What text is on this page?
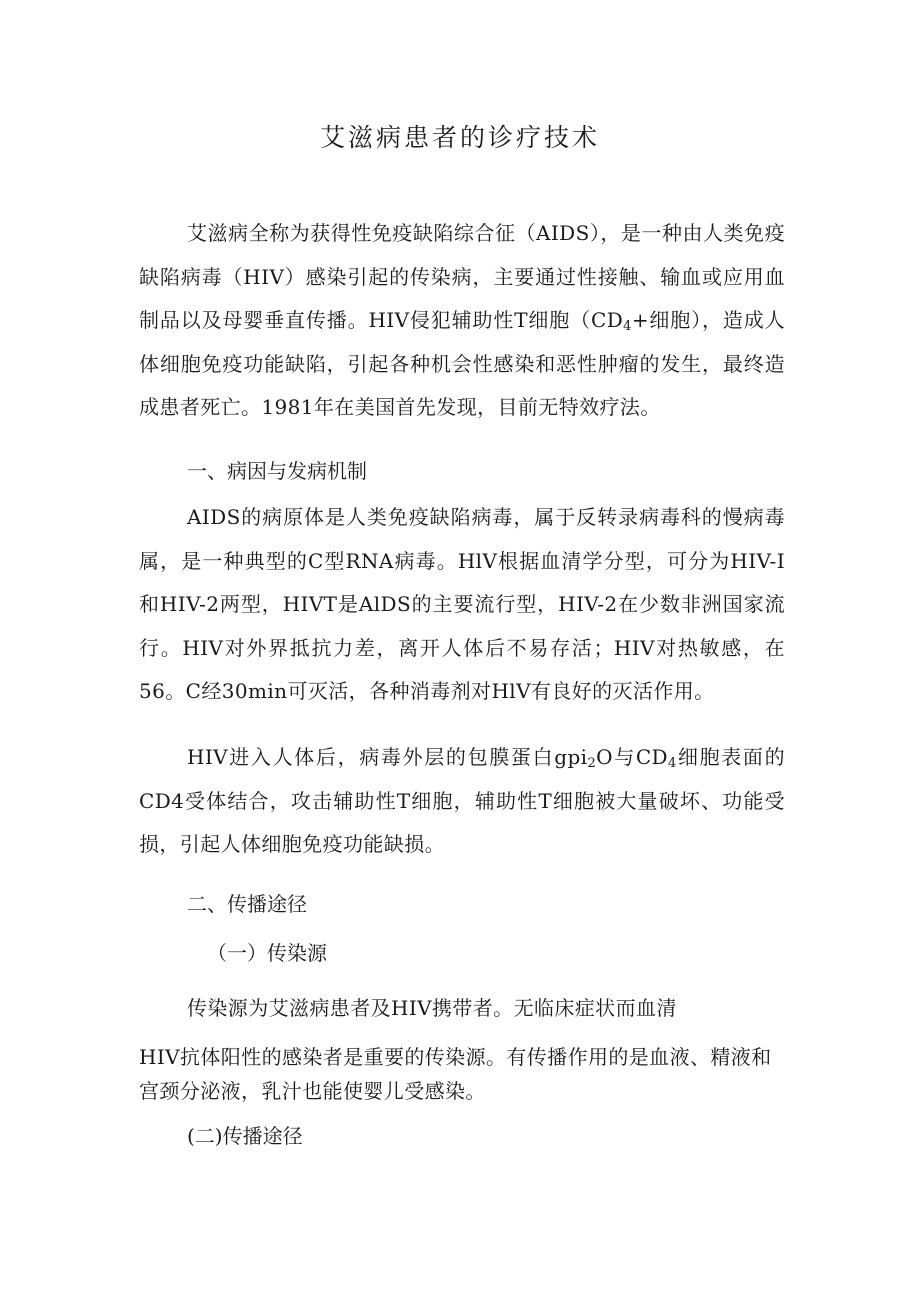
艾滋病患者的诊疗技术

艾滋病全称为获得性免疫缺陷综合征（AIDS），是一种由人类免疫缺陷病毒（HIV）感染引起的传染病，主要通过性接触、输血或应用血制品以及母婴垂直传播。HIV侵犯辅助性T细胞（$CD_4+$细胞），造成人体细胞免疫功能缺陷，引起各种机会性感染和恶性肿瘤的发生，最终造成患者死亡。1981年在美国首先发现，目前无特效疗法。

一、病因与发病机制

AIDS的病原体是人类免疫缺陷病毒，属于反转录病毒科的慢病毒属，是一种典型的C型RNA病毒。HlV根据血清学分型，可分为HIV-I和HIV-2两型，HIVT是AlDS的主要流行型，HIV-2在少数非洲国家流行。HIV对外界抵抗力差，离开人体后不易存活；HIV对热敏感，在56。C经30min可灭活，各种消毒剂对HlV有良好的灭活作用。

HIV进入人体后，病毒外层的包膜蛋白gpi$_2$O与$CD_4$细胞表面的CD4受体结合，攻击辅助性T细胞，辅助性T细胞被大量破坏、功能受损，引起人体细胞免疫功能缺损。

二、传播途径

（一）传染源

传染源为艾滋病患者及HIV携带者。无临床症状而血清

HIV抗体阳性的感染者是重要的传染源。有传播作用的是血液、精液和宫颈分泌液，乳汁也能使婴儿受感染。

(二)传播途径
